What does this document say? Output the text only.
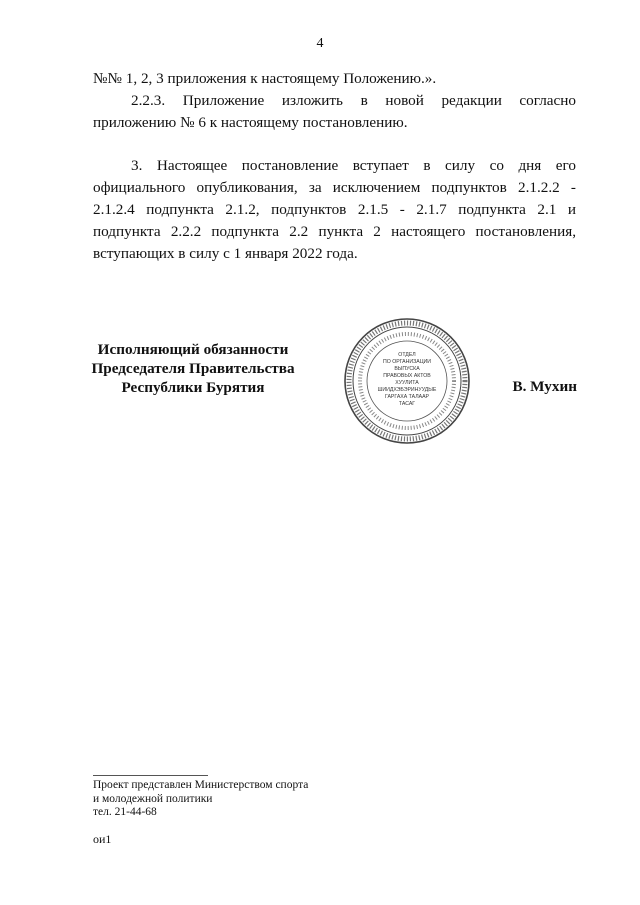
4
№№ 1, 2, 3 приложения к настоящему Положению.».
2.2.3. Приложение изложить в новой редакции согласно приложению № 6 к настоящему постановлению.
3. Настоящее постановление вступает в силу со дня его официального опубликования, за исключением подпунктов 2.1.2.2 - 2.1.2.4 подпункта 2.1.2, подпунктов 2.1.5 - 2.1.7 подпункта 2.1 и подпункта 2.2.2 подпункта 2.2 пункта 2 настоящего постановления, вступающих в силу с 1 января 2022 года.
Исполняющий обязанности
Председателя Правительства
Республики Бурятия
ОТДЕЛ
ПО ОРГАНИЗАЦИИ
ВЫПУСКА
ПРАВОВЫХ АКТОВ
ХУУЛИТА
ШИИДХЭБЭРИНУУДЫЕ
ГАРГАХА ТАЛААР
ТАСАГ
В. Мухин
Проект представлен Министерством спорта
и молодежной политики
тел. 21-44-68
ои1
